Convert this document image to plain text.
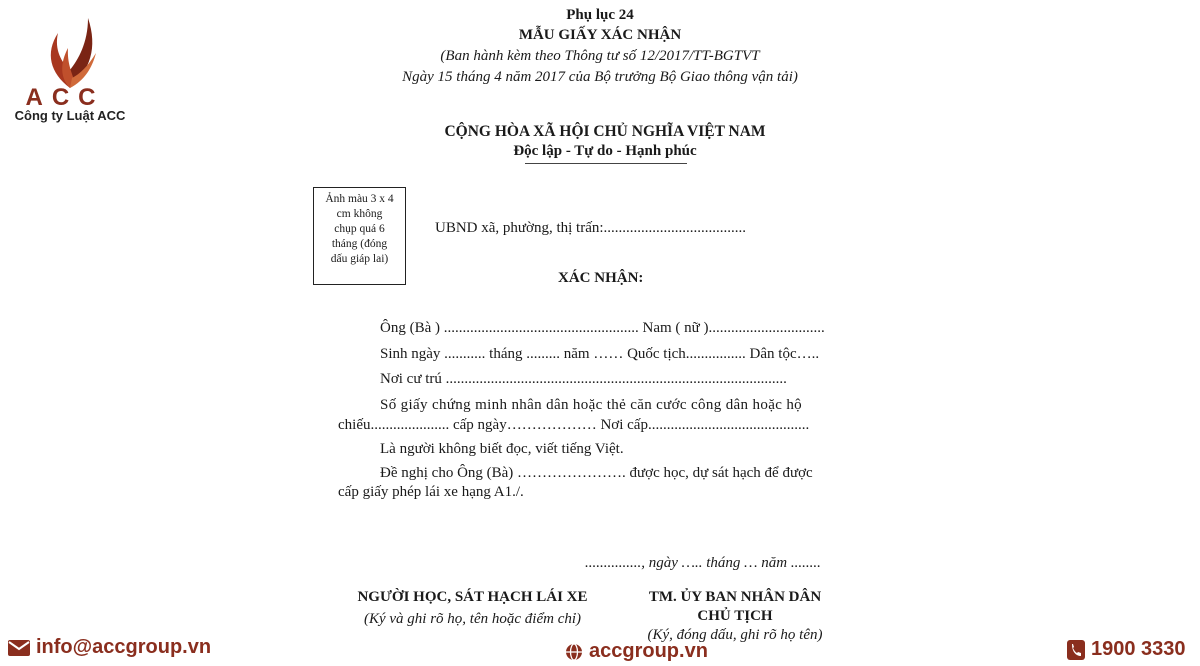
ACC
Công ty Luật ACC
Phụ lục 24
MẪU GIẤY XÁC NHẬN
(Ban hành kèm theo Thông tư số 12/2017/TT-BGTVT
Ngày 15 tháng 4 năm 2017 của Bộ trưởng Bộ Giao thông vận tải)
CỘNG HÒA XÃ HỘI CHỦ NGHĨA VIỆT NAM
Độc lập - Tự do - Hạnh phúc
Ảnh màu 3 x 4
cm không
chụp quá 6
tháng (đóng
dấu giáp lai)
UBND xã, phường, thị trấn:......................................
XÁC NHẬN:
Ông (Bà ) .................................................... Nam ( nữ )...............................
Sinh ngày ........... tháng ......... năm …… Quốc tịch................ Dân tộc…..
Nơi cư trú ...........................................................................................
Số giấy chứng minh nhân dân hoặc thẻ căn cước công dân hoặc hộ
chiếu..................... cấp ngày……………… Nơi cấp...........................................
Là người không biết đọc, viết tiếng Việt.
Đề nghị cho Ông (Bà) …………………. được học, dự sát hạch để được
cấp giấy phép lái xe hạng A1./.
..............., ngày ….. tháng … năm ........
NGƯỜI HỌC, SÁT HẠCH LÁI XE
(Ký và ghi rõ họ, tên hoặc điểm chỉ)
TM. ỦY BAN NHÂN DÂN
CHỦ TỊCH
(Ký, đóng dấu, ghi rõ họ tên)
info@accgroup.vn	accgroup.vn	1900 3330
